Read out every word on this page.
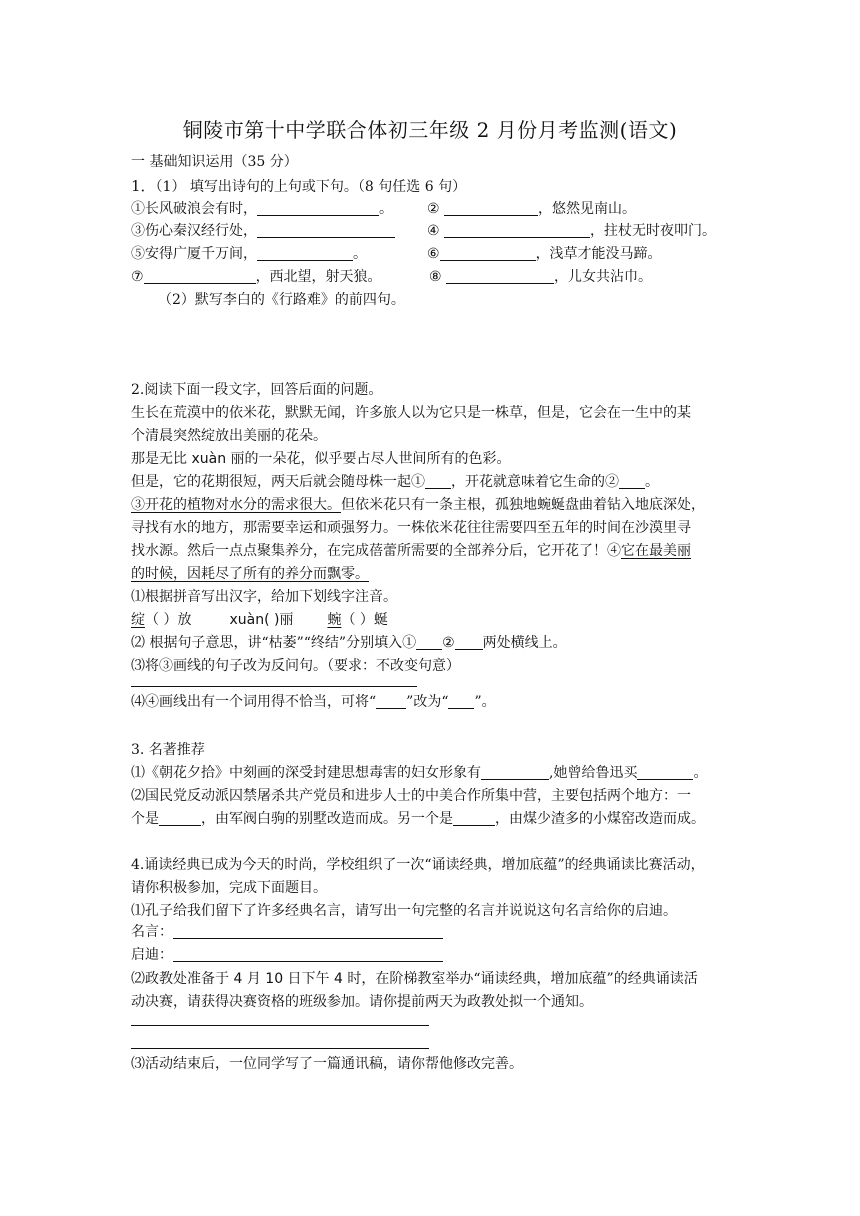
铜陵市第十中学联合体初三年级 2 月份月考监测(语文)
一 基础知识运用（35 分）
1．（1） 填写出诗句的上句或下句。（8 句任选 6 句）
①长风破浪会有时，	。 ②	，悠然见南山。
③伤心秦汉经行处，	④	，拄杖无时夜叩门。
⑤安得广厦千万间，	。	⑥	，浅草才能没马蹄。
⑦	，西北望，射天狼。	⑧	，儿女共沾巾。
（2）默写李白的《行路难》的前四句。
2.阅读下面一段文字，回答后面的问题。
生长在荒漠中的依米花，默默无闻，许多旅人以为它只是一株草，但是，它会在一生中的某
个清晨突然绽放出美丽的花朵。
那是无比 xuàn 丽的一朵花，似乎要占尽人世间所有的色彩。
但是，它的花期很短，两天后就会随母株一起① ，开花就意味着它生命的② 。
③开花的植物对水分的需求很大。但依米花只有一条主根，孤独地蜿蜒盘曲着钻入地底深处，
寻找有水的地方，那需要幸运和顽强努力。一株依米花往往需要四至五年的时间在沙漠里寻
找水源。然后一点点聚集养分，在完成蓓蕾所需要的全部养分后，它开花了！④它在最美丽
的时候，因耗尽了所有的养分而飘零。
⑴根据拼音写出汉字，给加下划线字注音。
绽（ ）放	xuàn( )丽 蜿（ ）蜒
⑵ 根据句子意思，讲“枯萎”“终结”分别填入① ② 两处横线上。
⑶将③画线的句子改为反问句。（要求：不改变句意）
⑷④画线出有一个词用得不恰当，可将“ ”改为“ ”。
3. 名著推荐
⑴《朝花夕拾》中刻画的深受封建思想毒害的妇女形象有	,她曾给鲁迅买	。
⑵国民党反动派囚禁屠杀共产党员和进步人士的中美合作所集中营，主要包括两个地方：一
个是	，由军阀白驹的别墅改造而成。另一个是	，由煤少渣多的小煤窑改造而成。
4.诵读经典已成为今天的时尚，学校组织了一次“诵读经典，增加底蕴”的经典诵读比赛活动，
请你积极参加，完成下面题目。
⑴孔子给我们留下了许多经典名言，请写出一句完整的名言并说说这句名言给你的启迪。
名言：
启迪：
⑵政教处准备于 4 月 10 日下午 4 时，在阶梯教室举办“诵读经典，增加底蕴”的经典诵读活
动决赛，请获得决赛资格的班级参加。请你提前两天为政教处拟一个通知。
⑶活动结束后，一位同学写了一篇通讯稿，请你帮他修改完善。
